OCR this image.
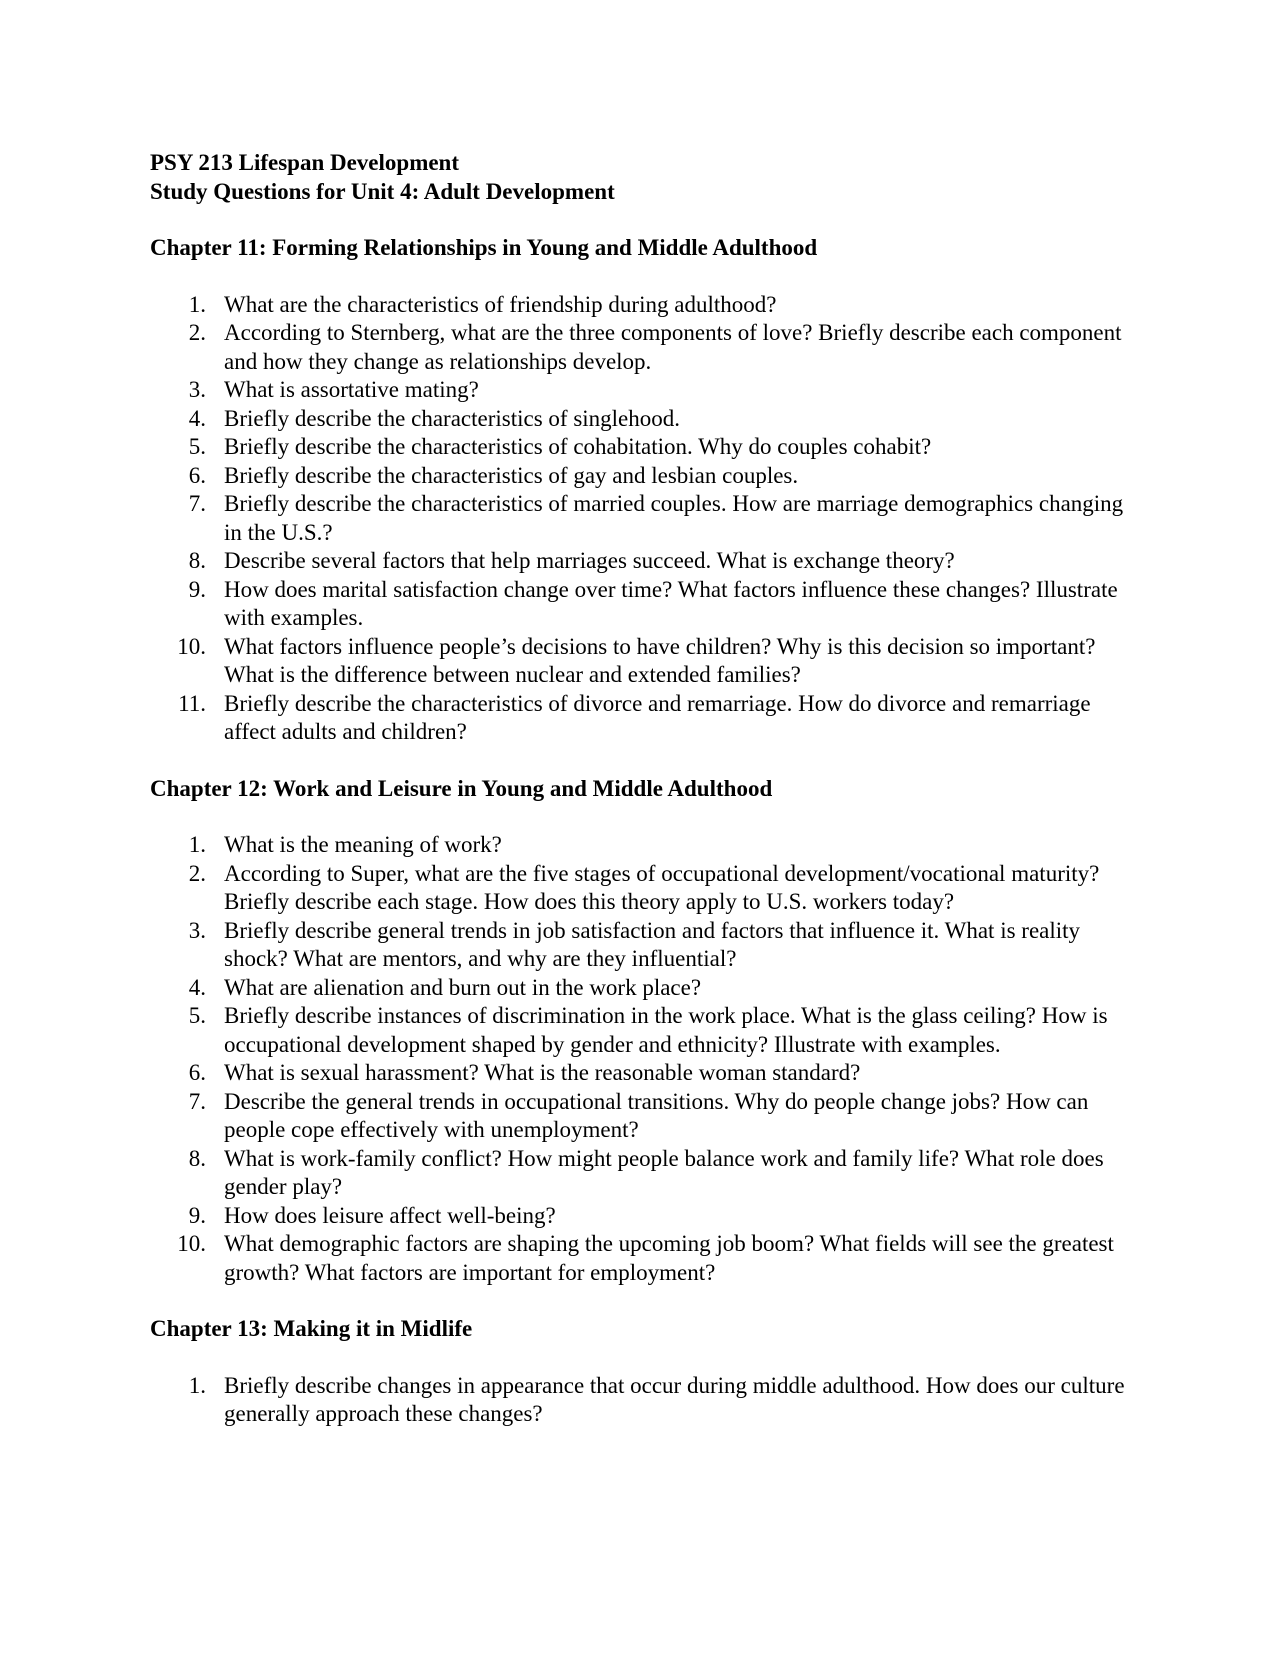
PSY 213 Lifespan Development
Study Questions for Unit 4: Adult Development
Chapter 11: Forming Relationships in Young and Middle Adulthood
1. What are the characteristics of friendship during adulthood?
2. According to Sternberg, what are the three components of love? Briefly describe each component and how they change as relationships develop.
3. What is assortative mating?
4. Briefly describe the characteristics of singlehood.
5. Briefly describe the characteristics of cohabitation. Why do couples cohabit?
6. Briefly describe the characteristics of gay and lesbian couples.
7. Briefly describe the characteristics of married couples. How are marriage demographics changing in the U.S.?
8. Describe several factors that help marriages succeed. What is exchange theory?
9. How does marital satisfaction change over time? What factors influence these changes? Illustrate with examples.
10. What factors influence people’s decisions to have children? Why is this decision so important? What is the difference between nuclear and extended families?
11. Briefly describe the characteristics of divorce and remarriage. How do divorce and remarriage affect adults and children?
Chapter 12: Work and Leisure in Young and Middle Adulthood
1. What is the meaning of work?
2. According to Super, what are the five stages of occupational development/vocational maturity? Briefly describe each stage. How does this theory apply to U.S. workers today?
3. Briefly describe general trends in job satisfaction and factors that influence it. What is reality shock? What are mentors, and why are they influential?
4. What are alienation and burn out in the work place?
5. Briefly describe instances of discrimination in the work place. What is the glass ceiling? How is occupational development shaped by gender and ethnicity? Illustrate with examples.
6. What is sexual harassment? What is the reasonable woman standard?
7. Describe the general trends in occupational transitions. Why do people change jobs? How can people cope effectively with unemployment?
8. What is work-family conflict? How might people balance work and family life? What role does gender play?
9. How does leisure affect well-being?
10. What demographic factors are shaping the upcoming job boom? What fields will see the greatest growth? What factors are important for employment?
Chapter 13: Making it in Midlife
1. Briefly describe changes in appearance that occur during middle adulthood. How does our culture generally approach these changes?
